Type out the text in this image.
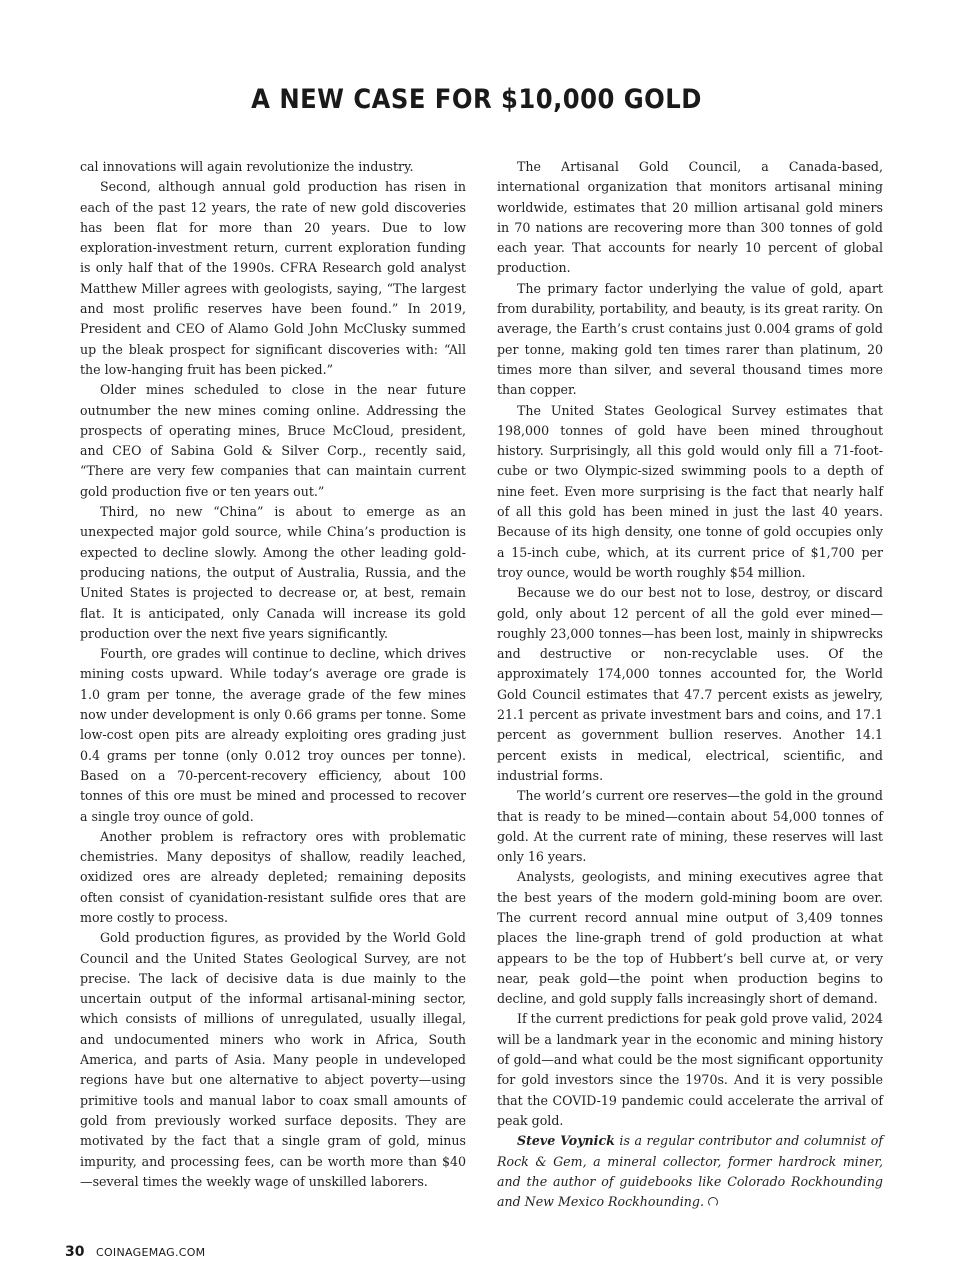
A NEW CASE FOR $10,000 GOLD

cal innovations will again revolutionize the industry.

Second, although annual gold production has risen in each of the past 12 years, the rate of new gold discoveries has been flat for more than 20 years. Due to low exploration-investment return, current exploration funding is only half that of the 1990s. CFRA Research gold analyst Matthew Miller agrees with geologists, saying, “The largest and most prolific reserves have been found.” In 2019, President and CEO of Alamo Gold John McClusky summed up the bleak prospect for significant discoveries with: “All the low-hanging fruit has been picked.”

Older mines scheduled to close in the near future outnumber the new mines coming online. Addressing the prospects of operating mines, Bruce McCloud, president, and CEO of Sabina Gold & Silver Corp., recently said, “There are very few companies that can maintain current gold production five or ten years out.”

Third, no new “China” is about to emerge as an unexpected major gold source, while China’s production is expected to decline slowly. Among the other leading gold-producing nations, the output of Australia, Russia, and the United States is projected to decrease or, at best, remain flat. It is anticipated, only Canada will increase its gold production over the next five years significantly.

Fourth, ore grades will continue to decline, which drives mining costs upward. While today’s average ore grade is 1.0 gram per tonne, the average grade of the few mines now under development is only 0.66 grams per tonne. Some low-cost open pits are already exploiting ores grading just 0.4 grams per tonne (only 0.012 troy ounces per tonne). Based on a 70-percent-recovery efficiency, about 100 tonnes of this ore must be mined and processed to recover a single troy ounce of gold.

Another problem is refractory ores with problematic chemistries. Many depositys of shallow, readily leached, oxidized ores are already depleted; remaining deposits often consist of cyanidation-resistant sulfide ores that are more costly to process.

Gold production figures, as provided by the World Gold Council and the United States Geological Survey, are not precise. The lack of decisive data is due mainly to the uncertain output of the informal artisanal-mining sector, which consists of millions of unregulated, usually illegal, and undocumented miners who work in Africa, South America, and parts of Asia. Many people in undeveloped regions have but one alternative to abject poverty—using primitive tools and manual labor to coax small amounts of gold from previously worked surface deposits. They are motivated by the fact that a single gram of gold, minus impurity, and processing fees, can be worth more than $40—several times the weekly wage of unskilled laborers.

The Artisanal Gold Council, a Canada-based, international organization that monitors artisanal mining worldwide, estimates that 20 million artisanal gold miners in 70 nations are recovering more than 300 tonnes of gold each year. That accounts for nearly 10 percent of global production.

The primary factor underlying the value of gold, apart from durability, portability, and beauty, is its great rarity. On average, the Earth’s crust contains just 0.004 grams of gold per tonne, making gold ten times rarer than platinum, 20 times more than silver, and several thousand times more than copper.

The United States Geological Survey estimates that 198,000 tonnes of gold have been mined throughout history. Surprisingly, all this gold would only fill a 71-foot-cube or two Olympic-sized swimming pools to a depth of nine feet. Even more surprising is the fact that nearly half of all this gold has been mined in just the last 40 years. Because of its high density, one tonne of gold occupies only a 15-inch cube, which, at its current price of $1,700 per troy ounce, would be worth roughly $54 million.

Because we do our best not to lose, destroy, or discard gold, only about 12 percent of all the gold ever mined—roughly 23,000 tonnes—has been lost, mainly in shipwrecks and destructive or non-recyclable uses. Of the approximately 174,000 tonnes accounted for, the World Gold Council estimates that 47.7 percent exists as jewelry, 21.1 percent as private investment bars and coins, and 17.1 percent as government bullion reserves. Another 14.1 percent exists in medical, electrical, scientific, and industrial forms.

The world’s current ore reserves—the gold in the ground that is ready to be mined—contain about 54,000 tonnes of gold. At the current rate of mining, these reserves will last only 16 years.

Analysts, geologists, and mining executives agree that the best years of the modern gold-mining boom are over. The current record annual mine output of 3,409 tonnes places the line-graph trend of gold production at what appears to be the top of Hubbert’s bell curve at, or very near, peak gold—the point when production begins to decline, and gold supply falls increasingly short of demand.

If the current predictions for peak gold prove valid, 2024 will be a landmark year in the economic and mining history of gold—and what could be the most significant opportunity for gold investors since the 1970s. And it is very possible that the COVID-19 pandemic could accelerate the arrival of peak gold.

Steve Voynick is a regular contributor and columnist of Rock & Gem, a mineral collector, former hardrock miner, and the author of guidebooks like Colorado Rockhounding and New Mexico Rockhounding.

30 COINAGEMAG.COM
